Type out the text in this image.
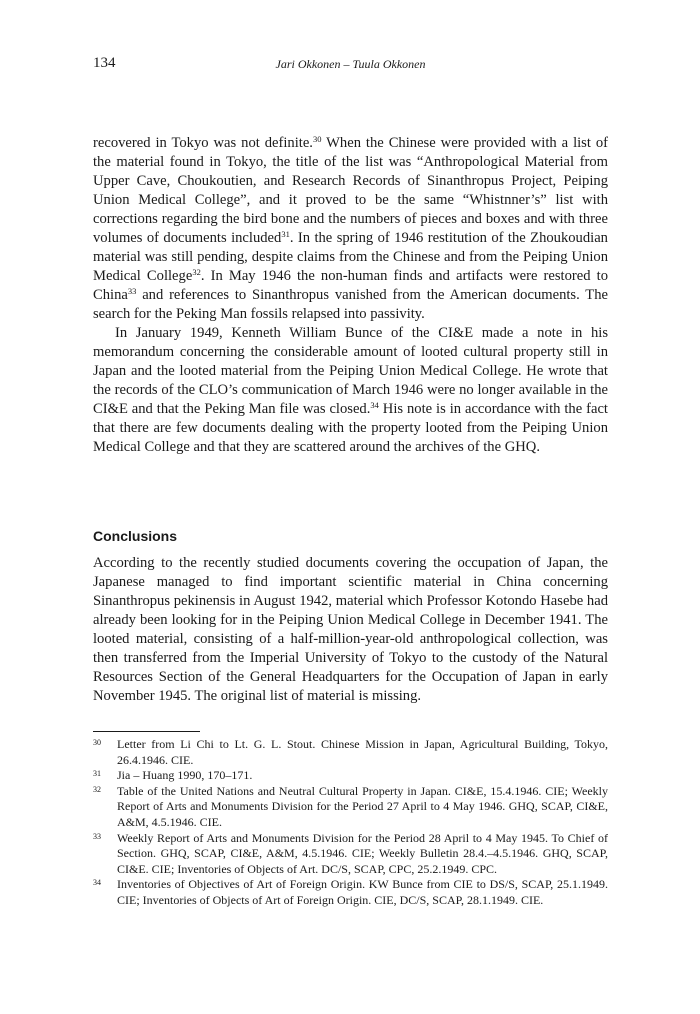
134	Jari Okkonen – Tuula Okkonen

recovered in Tokyo was not definite.$^{30}$ When the Chinese were provided with a list of the material found in Tokyo, the title of the list was “Anthropological Material from Upper Cave, Choukoutien, and Research Records of Sinanthropus Project, Peiping Union Medical College”, and it proved to be the same “Whistnner’s” list with corrections regarding the bird bone and the numbers of pieces and boxes and with three volumes of documents included$^{31}$. In the spring of 1946 restitution of the Zhoukoudian material was still pending, despite claims from the Chinese and from the Peiping Union Medical College$^{32}$. In May 1946 the non-human finds and artifacts were restored to China$^{33}$ and references to Sinanthropus vanished from the American documents. The search for the Peking Man fossils relapsed into passivity.

In January 1949, Kenneth William Bunce of the CI&E made a note in his memorandum concerning the considerable amount of looted cultural property still in Japan and the looted material from the Peiping Union Medical College. He wrote that the records of the CLO’s communication of March 1946 were no longer available in the CI&E and that the Peking Man file was closed.$^{34}$ His note is in accordance with the fact that there are few documents dealing with the property looted from the Peiping Union Medical College and that they are scattered around the archives of the GHQ.

Conclusions

According to the recently studied documents covering the occupation of Japan, the Japanese managed to find important scientific material in China concerning Sinanthropus pekinensis in August 1942, material which Professor Kotondo Hasebe had already been looking for in the Peiping Union Medical College in December 1941. The looted material, consisting of a half-million-year-old anthropological collection, was then transferred from the Imperial University of Tokyo to the custody of the Natural Resources Section of the General Headquarters for the Occupation of Japan in early November 1945. The original list of material is missing.

30 Letter from Li Chi to Lt. G. L. Stout. Chinese Mission in Japan, Agricultural Building, Tokyo, 26.4.1946. CIE.
31 Jia – Huang 1990, 170–171.
32 Table of the United Nations and Neutral Cultural Property in Japan. CI&E, 15.4.1946. CIE; Weekly Report of Arts and Monuments Division for the Period 27 April to 4 May 1946. GHQ, SCAP, CI&E, A&M, 4.5.1946. CIE.
33 Weekly Report of Arts and Monuments Division for the Period 28 April to 4 May 1945. To Chief of Section. GHQ, SCAP, CI&E, A&M, 4.5.1946. CIE; Weekly Bulletin 28.4.–4.5.1946. GHQ, SCAP, CI&E. CIE; Inventories of Objects of Art. DC/S, SCAP, CPC, 25.2.1949. CPC.
34 Inventories of Objectives of Art of Foreign Origin. KW Bunce from CIE to DS/S, SCAP, 25.1.1949. CIE; Inventories of Objects of Art of Foreign Origin. CIE, DC/S, SCAP, 28.1.1949. CIE.
